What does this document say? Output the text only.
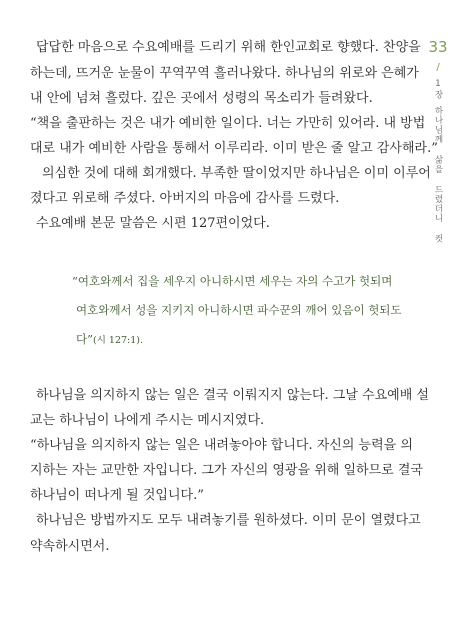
답답한 마음으로 수요예배를 드리기 위해 한인교회로 향했다. 찬양을
하는데, 뜨거운 눈물이 꾸역꾸역 흘러나왔다. 하나님의 위로와 은혜가
내 안에 넘쳐 흘렀다. 깊은 곳에서 성령의 목소리가 들려왔다.
“책을 출판하는 것은 내가 예비한 일이다. 너는 가만히 있어라. 내 방법
대로 내가 예비한 사람을 통해서 이루리라. 이미 받은 줄 알고 감사해라.”
의심한 것에 대해 회개했다. 부족한 딸이었지만 하나님은 이미 이루어
졌다고 위로해 주셨다. 아버지의 마음에 감사를 드렸다.
수요예배 본문 말씀은 시편 127편이었다.
“여호와께서 집을 세우지 아니하시면 세우는 자의 수고가 헛되며
여호와께서 성을 지키지 아니하시면 파수꾼의 깨어 있음이 헛되도
다”(시 127:1).
하나님을 의지하지 않는 일은 결국 이뤄지지 않는다. 그날 수요예배 설
교는 하나님이 나에게 주시는 메시지였다.
“하나님을 의지하지 않는 일은 내려놓아야 합니다. 자신의 능력을 의
지하는 자는 교만한 자입니다. 그가 자신의 영광을 위해 일하므로 결국
하나님이 떠나게 될 것입니다.”
하나님은 방법까지도 모두 내려놓기를 원하셨다. 이미 문이 열렸다고
약속하시면서.
33
/
1장
하나님께 삶을 드렸더니 컷
